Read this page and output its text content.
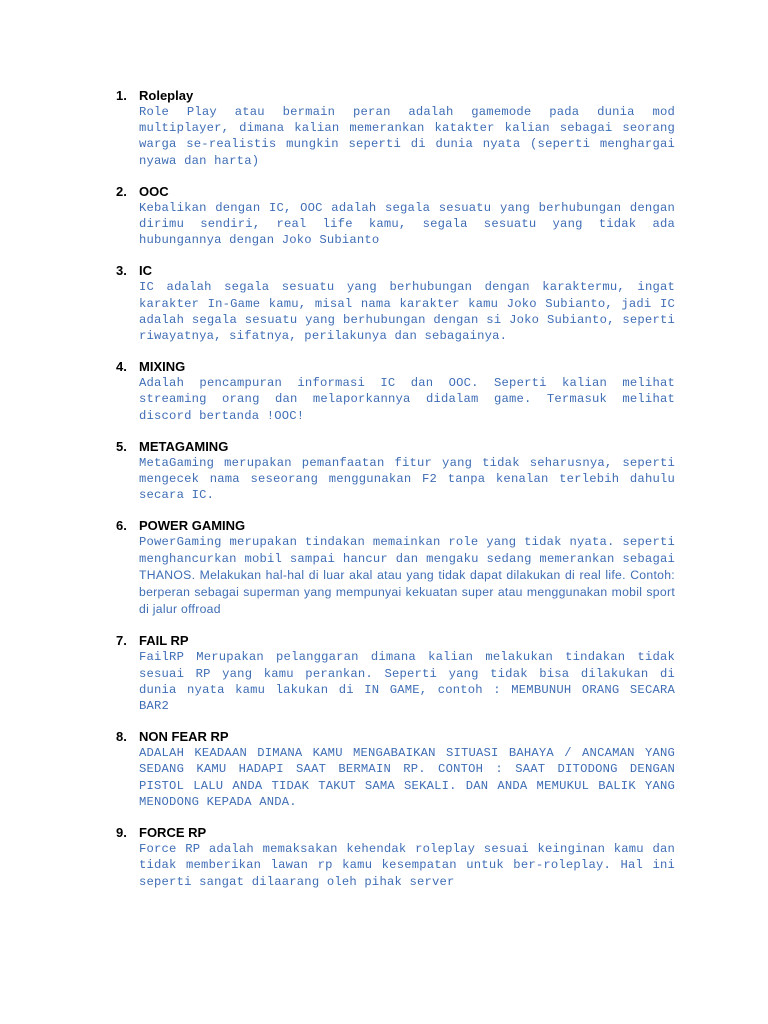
1. Roleplay
Role Play atau bermain peran adalah gamemode pada dunia mod multiplayer, dimana kalian memerankan katakter kalian sebagai seorang warga se-realistis mungkin seperti di dunia nyata (seperti menghargai nyawa dan harta)
2. OOC
Kebalikan dengan IC, OOC adalah segala sesuatu yang berhubungan dengan dirimu sendiri, real life kamu, segala sesuatu yang tidak ada hubungannya dengan Joko Subianto
3. IC
IC adalah segala sesuatu yang berhubungan dengan karaktermu, ingat karakter In-Game kamu, misal nama karakter kamu Joko Subianto, jadi IC adalah segala sesuatu yang berhubungan dengan si Joko Subianto, seperti riwayatnya, sifatnya, perilakunya dan sebagainya.
4. MIXING
Adalah pencampuran informasi IC dan OOC. Seperti kalian melihat streaming orang dan melaporkannya didalam game. Termasuk melihat discord bertanda !OOC!
5. METAGAMING
MetaGaming merupakan pemanfaatan fitur yang tidak seharusnya, seperti mengecek nama seseorang menggunakan F2 tanpa kenalan terlebih dahulu secara IC.
6. POWER GAMING
PowerGaming merupakan tindakan memainkan role yang tidak nyata. seperti menghancurkan mobil sampai hancur dan mengaku sedang memerankan sebagai THANOS. Melakukan hal-hal di luar akal atau yang tidak dapat dilakukan di real life. Contoh: berperan sebagai superman yang mempunyai kekuatan super atau menggunakan mobil sport di jalur offroad
7. FAIL RP
FailRP Merupakan pelanggaran dimana kalian melakukan tindakan tidak sesuai RP yang kamu perankan. Seperti yang tidak bisa dilakukan di dunia nyata kamu lakukan di IN GAME, contoh : MEMBUNUH ORANG SECARA BAR2
8. NON FEAR RP
ADALAH KEADAAN DIMANA KAMU MENGABAIKAN SITUASI BAHAYA / ANCAMAN YANG SEDANG KAMU HADAPI SAAT BERMAIN RP. CONTOH : SAAT DITODONG DENGAN PISTOL LALU ANDA TIDAK TAKUT SAMA SEKALI. DAN ANDA MEMUKUL BALIK YANG MENODONG KEPADA ANDA.
9. FORCE RP
Force RP adalah memaksakan kehendak roleplay sesuai keinginan kamu dan tidak memberikan lawan rp kamu kesempatan untuk ber-roleplay. Hal ini seperti sangat dilaarang oleh pihak server
